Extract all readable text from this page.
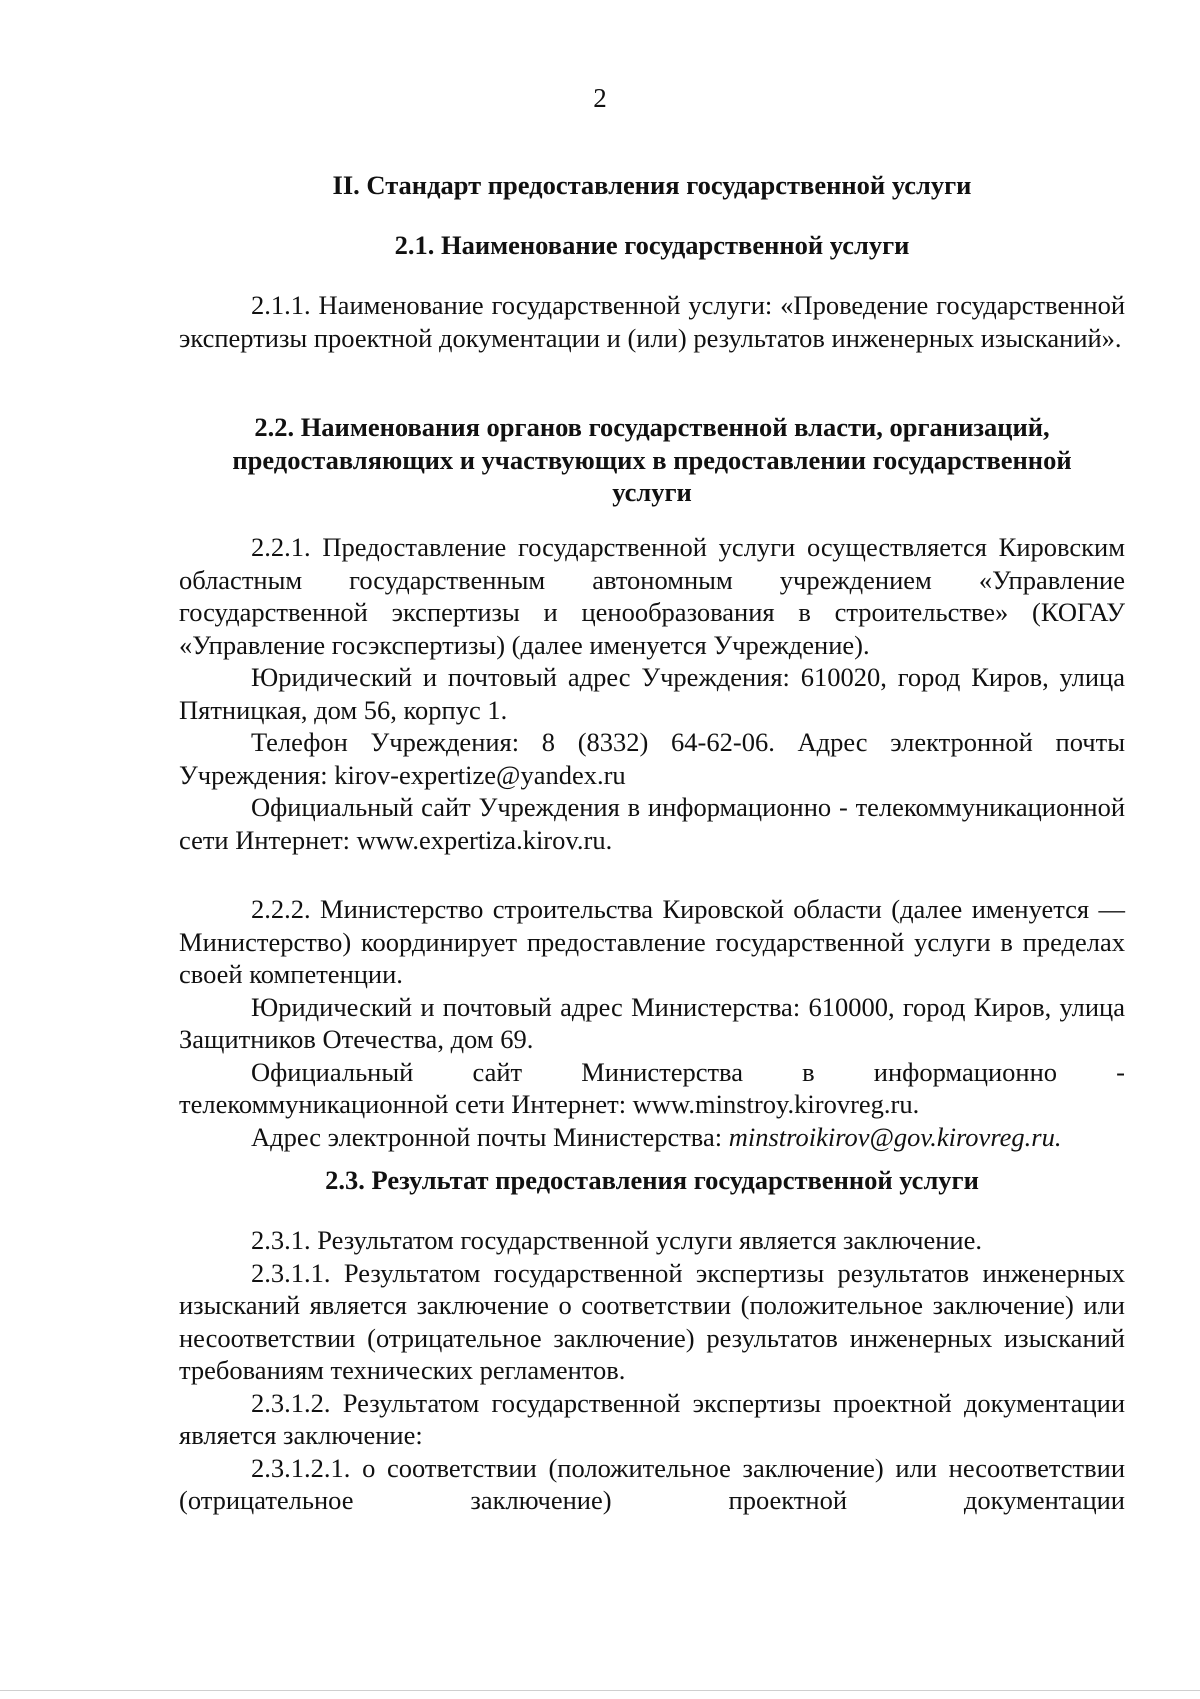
2

II. Стандарт предоставления государственной услуги

2.1. Наименование государственной услуги

2.1.1. Наименование государственной услуги: «Проведение государственной экспертизы проектной документации и (или) результатов инженерных изысканий».

2.2. Наименования органов государственной власти, организаций,

предоставляющих и участвующих в предоставлении государственной

услуги

2.2.1. Предоставление государственной услуги осуществляется Кировским областным государственным автономным учреждением «Управление государственной экспертизы и ценообразования в строительстве» (КОГАУ «Управление госэкспертизы) (далее именуется Учреждение).

Юридический и почтовый адрес Учреждения: 610020, город Киров, улица Пятницкая, дом 56, корпус 1.

Телефон Учреждения: 8 (8332) 64-62-06. Адрес электронной почты Учреждения: kirov-expertize@yandex.ru

Официальный сайт Учреждения в информационно - телекоммуникационной сети Интернет: www.expertiza.kirov.ru.

2.2.2. Министерство строительства Кировской области (далее именуется — Министерство) координирует предоставление государственной услуги в пределах своей компетенции.

Юридический и почтовый адрес Министерства: 610000, город Киров, улица Защитников Отечества, дом 69.

Официальный сайт Министерства в информационно - телекоммуникационной сети Интернет: www.minstroy.kirovreg.ru.

Адрес электронной почты Министерства: minstroikirov@gov.kirovreg.ru.

2.3. Результат предоставления государственной услуги

2.3.1. Результатом государственной услуги является заключение.

2.3.1.1. Результатом государственной экспертизы результатов инженерных изысканий является заключение о соответствии (положительное заключение) или несоответствии (отрицательное заключение) результатов инженерных изысканий требованиям технических регламентов.

2.3.1.2. Результатом государственной экспертизы проектной документации является заключение:

2.3.1.2.1. о соответствии (положительное заключение) или несоответствии (отрицательное заключение) проектной документации
